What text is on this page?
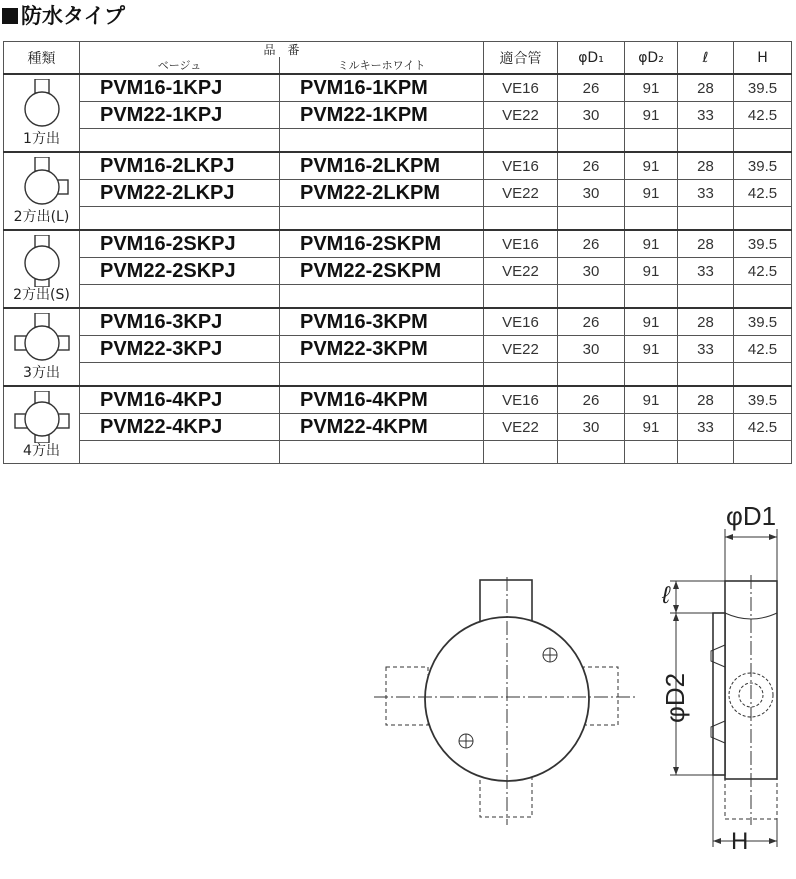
防水タイプ
種類	品　番		適合管	φD₁	φD₂	ℓ	H
	ベージュ	ミルキーホワイト					

1方出	PVM16-1KPJ	PVM16-1KPM	VE16	26	91	28	39.5
	PVM22-1KPJ	PVM22-1KPM	VE22	30	91	33	42.5

2方出(L)	PVM16-2LKPJ	PVM16-2LKPM	VE16	26	91	28	39.5
	PVM22-2LKPJ	PVM22-2LKPM	VE22	30	91	33	42.5

2方出(S)	PVM16-2SKPJ	PVM16-2SKPM	VE16	26	91	28	39.5
	PVM22-2SKPJ	PVM22-2SKPM	VE22	30	91	33	42.5

3方出	PVM16-3KPJ	PVM16-3KPM	VE16	26	91	28	39.5
	PVM22-3KPJ	PVM22-3KPM	VE22	30	91	33	42.5

4方出	PVM16-4KPJ	PVM16-4KPM	VE16	26	91	28	39.5
	PVM22-4KPJ	PVM22-4KPM	VE22	30	91	33	42.5

φD1
ℓ
φD2
H
